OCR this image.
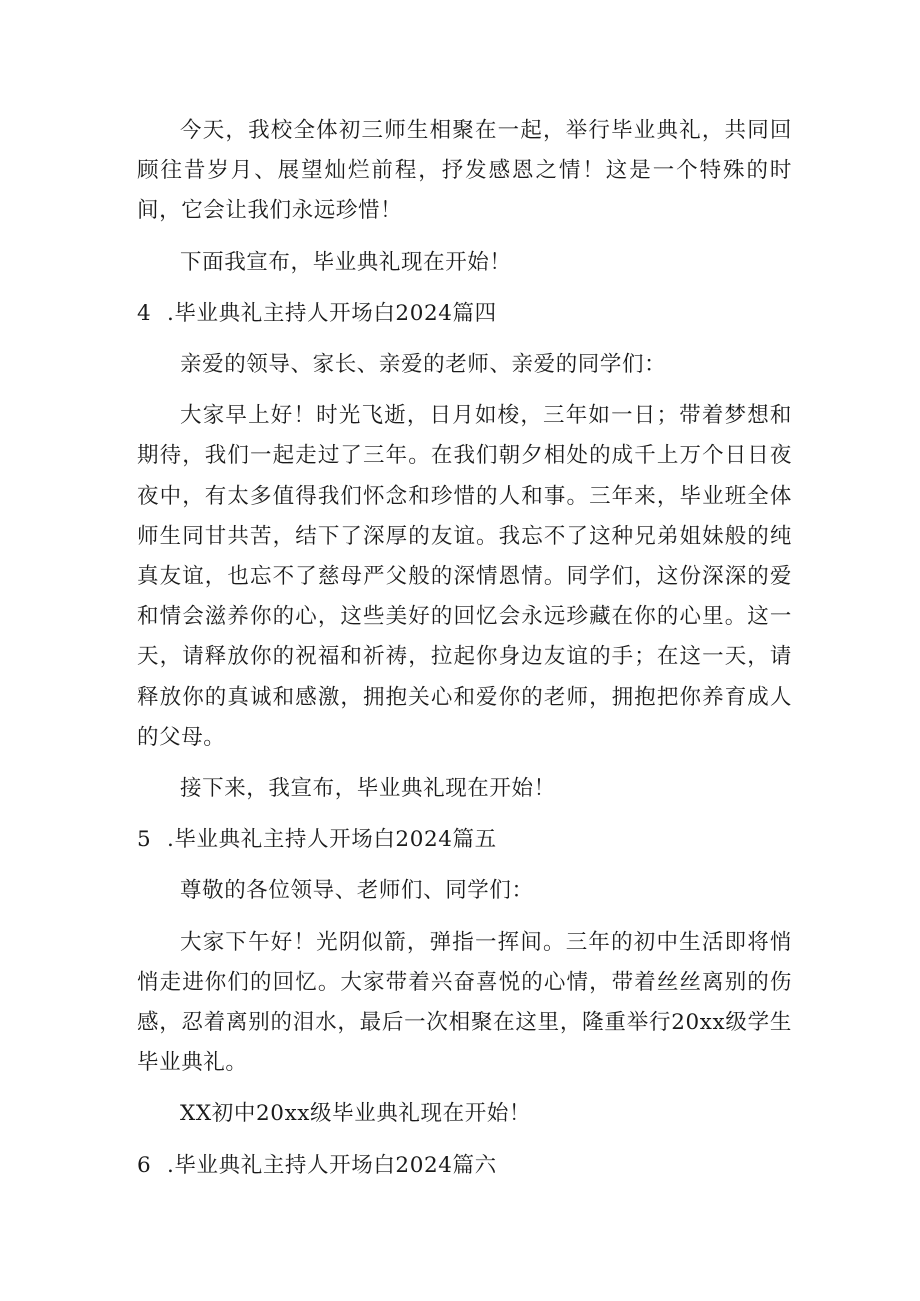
今天，我校全体初三师生相聚在一起，举行毕业典礼，共同回顾往昔岁月、展望灿烂前程，抒发感恩之情！这是一个特殊的时间，它会让我们永远珍惜！

下面我宣布，毕业典礼现在开始！

4 .毕业典礼主持人开场白2024篇四

亲爱的领导、家长、亲爱的老师、亲爱的同学们：

大家早上好！时光飞逝，日月如梭，三年如一日；带着梦想和期待，我们一起走过了三年。在我们朝夕相处的成千上万个日日夜夜中，有太多值得我们怀念和珍惜的人和事。三年来，毕业班全体师生同甘共苦，结下了深厚的友谊。我忘不了这种兄弟姐妹般的纯真友谊，也忘不了慈母严父般的深情恩情。同学们，这份深深的爱和情会滋养你的心，这些美好的回忆会永远珍藏在你的心里。这一天，请释放你的祝福和祈祷，拉起你身边友谊的手；在这一天，请释放你的真诚和感激，拥抱关心和爱你的老师，拥抱把你养育成人的父母。

接下来，我宣布，毕业典礼现在开始！

5 .毕业典礼主持人开场白2024篇五

尊敬的各位领导、老师们、同学们：

大家下午好！光阴似箭，弹指一挥间。三年的初中生活即将悄悄走进你们的回忆。大家带着兴奋喜悦的心情，带着丝丝离别的伤感，忍着离别的泪水，最后一次相聚在这里，隆重举行20xx级学生毕业典礼。

XX初中20xx级毕业典礼现在开始！

6 .毕业典礼主持人开场白2024篇六
